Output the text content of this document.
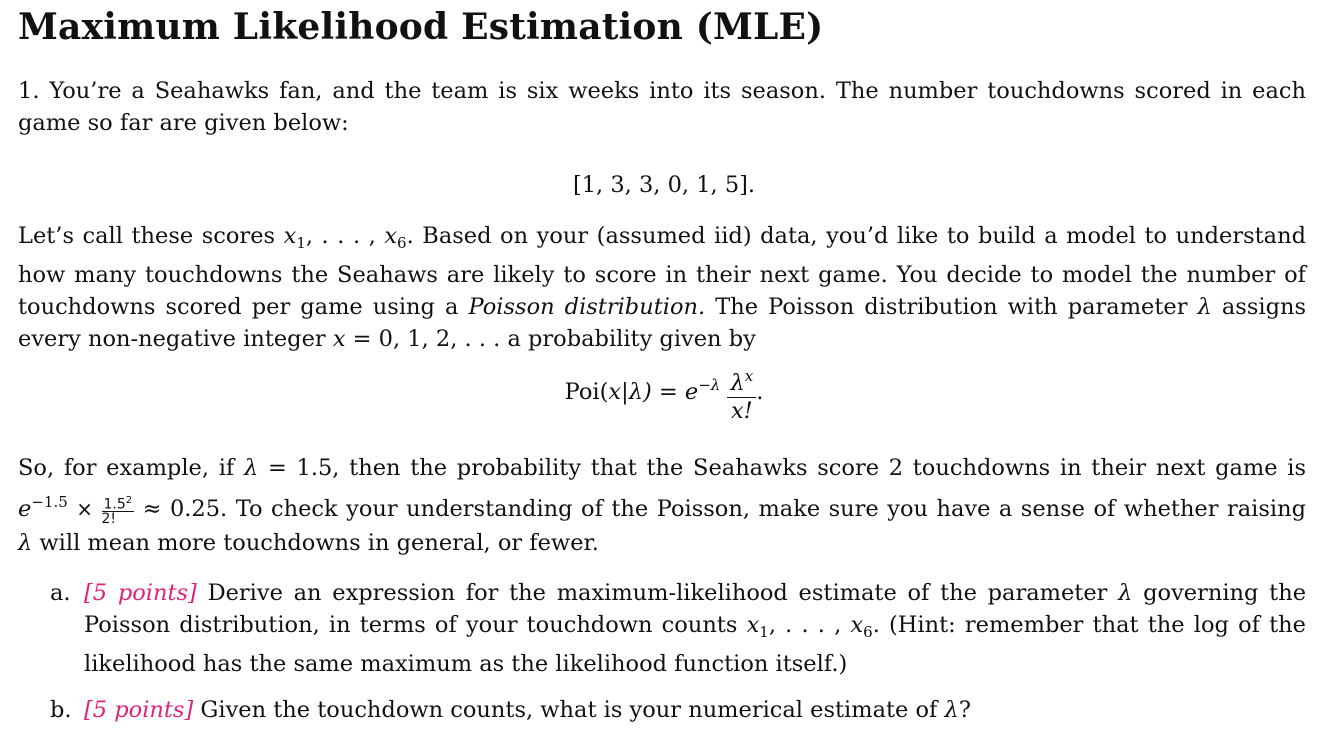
Maximum Likelihood Estimation (MLE)
1. You’re a Seahawks fan, and the team is six weeks into its season. The number touchdowns scored in each
game so far are given below:
[1, 3, 3, 0, 1, 5].
Let’s call these scores $x_1$, . . . , $x_6$. Based on your (assumed iid) data, you’d like to build a model to understand
how many touchdowns the Seahaws are likely to score in their next game. You decide to model the number of
touchdowns scored per game using a Poisson distribution. The Poisson distribution with parameter λ assigns
every non-negative integer x = 0, 1, 2, . . . a probability given by
$Poi(x|\lambda) = e^{-\lambda} \frac{\lambda^x}{x!}$ .
So, for example, if λ = 1.5, then the probability that the Seahawks score 2 touchdowns in their next game is
$e^{-1.5} \times \frac{1.5^2}{2!} \approx 0.25$. To check your understanding of the Poisson, make sure you have a sense of whether raising
λ will mean more touchdowns in general, or fewer.
a. [5 points] Derive an expression for the maximum-likelihood estimate of the parameter λ governing the
Poisson distribution, in terms of your touchdown counts $x_1$, . . . , $x_6$. (Hint: remember that the log of the
likelihood has the same maximum as the likelihood function itself.)
b. [5 points] Given the touchdown counts, what is your numerical estimate of λ?
